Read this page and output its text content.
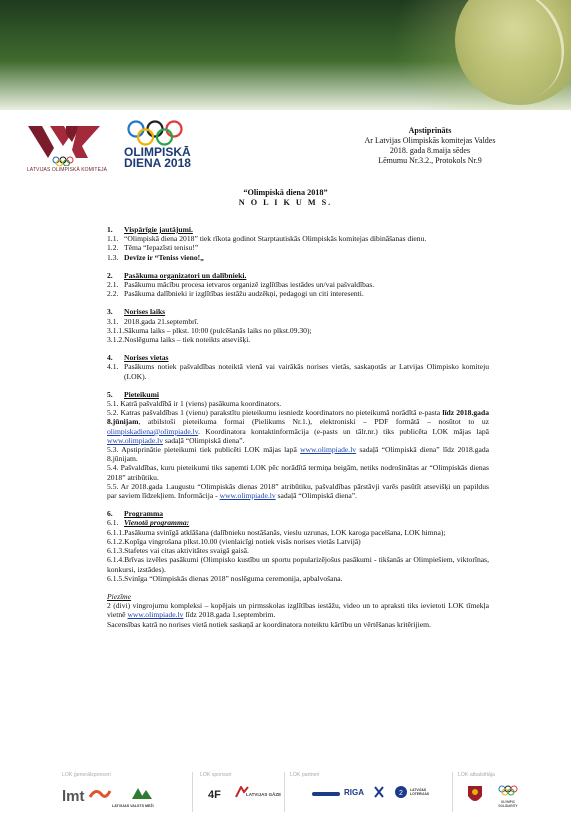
LATVIJAS OLIMPISKĀ KOMITEJA
OLIMPISKĀ
DIENA 2018
Apstiprināts
Ar Latvijas Olimpiskās komitejas Valdes
2018. gada 8.maija sēdes
Lēmumu Nr.3.2., Protokols Nr.9
“Olimpiskā diena 2018”
N O L I K U M S.
1.	Vispārīgie jautājumi.
1.1. “Olimpiskā diena 2018” tiek rīkota godinot Starptautiskās Olimpiskās komitejas dibināšanas dienu.
1.2. Tēma “Iepazīsti tenisu!”
1.3. Devīze ir “Teniss vieno!„
2.	Pasākuma organizatori un dalībnieki.
2.1. Pasākumu mācību procesa ietvaros organizē izglītības iestādes un/vai pašvaldības.
2.2. Pasākuma dalībnieki ir izglītības iestāžu audzēkņi, pedagogi un citi interesenti.
3.	Norises laiks
3.1. 2018.gada 21.septembrī.
3.1.1.Sākuma laiks – plkst. 10:00 (pulcēšanās laiks no plkst.09.30);
3.1.2.Noslēguma laiks – tiek noteikts atsevišķi.
4.	Norises vietas
4.1. Pasākums notiek pašvaldības noteiktā vienā vai vairākās norises vietās, saskaņotās ar Latvijas Olimpisko komiteju (LOK).
5.	Pieteikumi
5.1. Katrā pašvaldībā ir 1 (viens) pasākuma koordinators.
5.2. Katras pašvaldības 1 (vienu) parakstītu pieteikumu iesniedz koordinators no pieteikumā norādītā e-pasta līdz 2018.gada 8.jūnijam, atbilstoši pieteikuma formai (Pielikums Nr.1.), elektroniski – PDF formātā – nosūtot to uz olimpiskadiena@olimpiade.lv. Koordinatora kontaktinformācija (e-pasts un tālr.nr.) tiks publicēta LOK mājas lapā www.olimpiade.lv sadaļā “Olimpiskā diena”.
5.3. Apstiprinātie pieteikumi tiek publicēti LOK mājas lapā www.olimpiade.lv sadaļā “Olimpiskā diena” līdz 2018.gada 8.jūnijam.
5.4. Pašvaldības, kuru pieteikumi tiks saņemti LOK pēc norādītā termiņa beigām, netiks nodrošinātas ar “Olimpiskās dienas 2018” atribūtiku.
5.5. Ar 2018.gada 1.augustu “Olimpiskās dienas 2018” atribūtiku, pašvaldības pārstāvji varēs pasūtīt atsevišķi un papildus par saviem līdzekļiem. Informācija - www.olimpiade.lv sadaļā “Olimpiskā diena”.
6.	Programma
6.1. Vienotā programma:
6.1.1.Pasākuma svinīgā atklāšana (dalībnieku nostāšanās, vieslu uzrunas, LOK karoga pacelšana, LOK himna);
6.1.2.Kopīga vingrošana plkst.10.00 (vienlaicīgi notiek visās norises vietās Latvijā)
6.1.3.Stafetes vai citas aktivitātes svaigā gaisā.
6.1.4.Brīvas izvēles pasākumi (Olimpisko kustību un sportu popularizējošus pasākumi - tikšanās ar Olimpiešiem, viktorīnas, konkursi, izstādes).
6.1.5.Svinīga “Olimpiskās dienas 2018” noslēguma ceremonija, apbalvošana.
Piezīme
2 (divi) vingrojumu kompleksi – kopējais un pirmsskolas izglītības iestāžu, video un to apraksti tiks ievietoti LOK tīmekļa vietnē www.olimpiade.lv līdz 2018.gada 1.septembrim.
Sacensības katrā no norises vietā notiek saskaņā ar koordinatora noteiktu kārtību un vērtēšanas kritērijiem.
LOK ģenerālsponsori	LOK sponsori	LOK partneri	LOK atbalstītāja
lmt
LATVIJAS VALSTS MEŽI
4F	LATVIJAS GĀZE	RIGA	2 LATVIJAS LOTERIJAS
OLYMPIC SOLIDARITY
